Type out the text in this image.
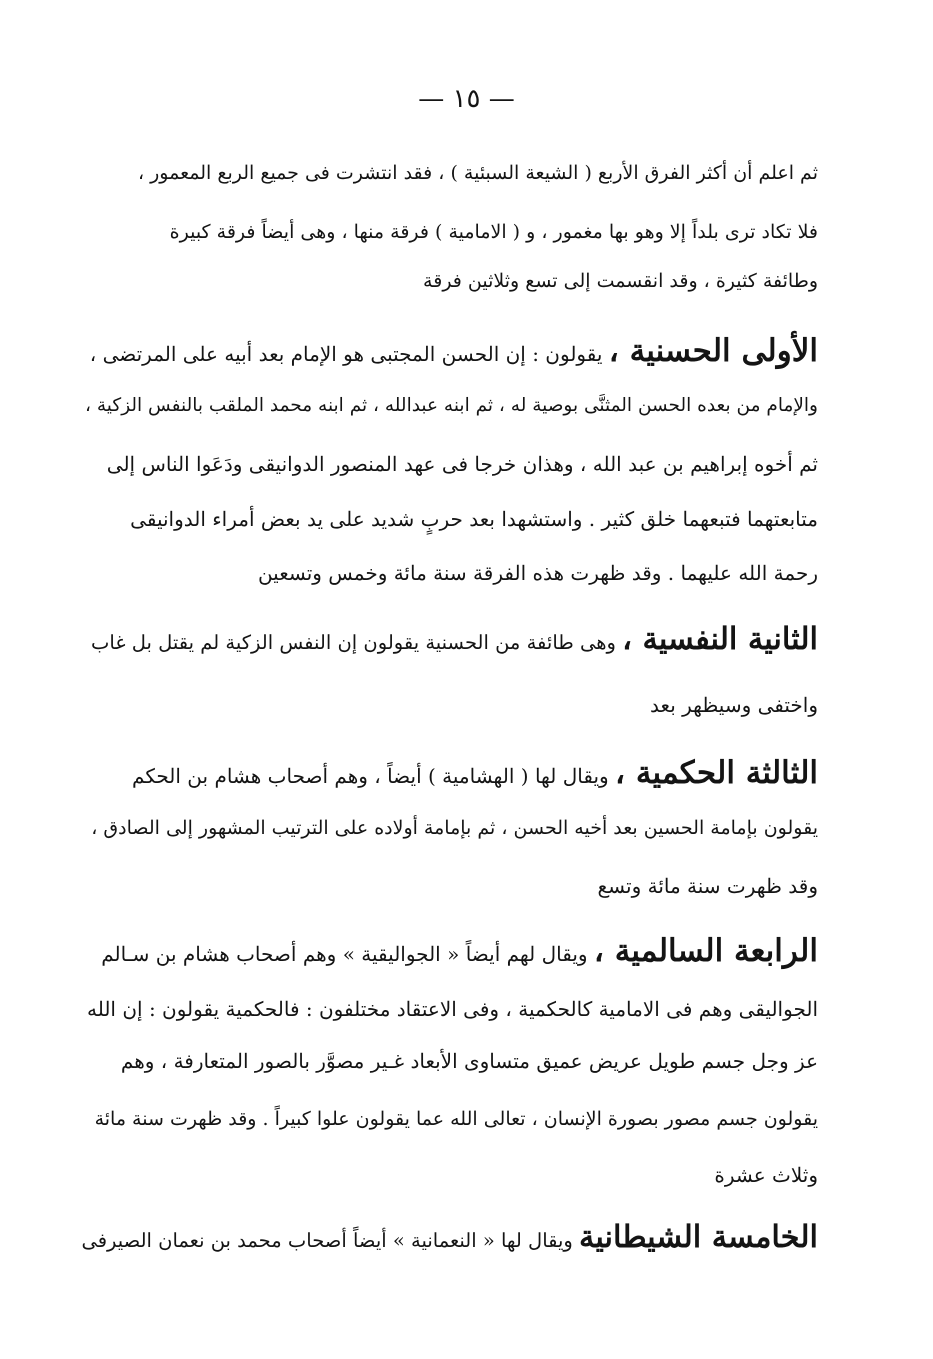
— ١٥ —
ثم اعلم أن أكثر الفرق الأربع ( الشيعة السبئية ) ، فقد انتشرت فى جميع الربع المعمور ،
فلا تكاد ترى بلداً إلا وهو بها مغمور ، و ( الامامية ) فرقة منها ، وهى أيضاً فرقة كبيرة
وطائفة كثيرة ، وقد انقسمت إلى تسع وثلاثين فرقة
الأولى الحسنية ، يقولون : إن الحسن المجتبى هو الإمام بعد أبيه على المرتضى ،
والإمام من بعده الحسن المثنَّى بوصية له ، ثم ابنه عبدالله ، ثم ابنه محمد الملقب بالنفس الزكية ،
ثم أخوه إبراهيم بن عبد الله ، وهذان خرجا فى عهد المنصور الدوانيقى ودَعَوا الناس إلى
متابعتهما فتبعهما خلق كثير . واستشهدا بعد حربٍ شديد على يد بعض أمراء الدوانيقى
رحمة الله عليهما . وقد ظهرت هذه الفرقة سنة مائة وخمس وتسعين
الثانية النفسية ، وهى طائفة من الحسنية يقولون إن النفس الزكية لم يقتل بل غاب
واختفى وسيظهر بعد
الثالثة الحكمية ، ويقال لها ( الهشامية ) أيضاً ، وهم أصحاب هشام بن الحكم
يقولون بإمامة الحسين بعد أخيه الحسن ، ثم بإمامة أولاده على الترتيب المشهور إلى الصادق ،
وقد ظهرت سنة مائة وتسع
الرابعة السالمية ، ويقال لهم أيضاً « الجواليقية » وهم أصحاب هشام بن سـالم
الجواليقى وهم فى الامامية كالحكمية ، وفى الاعتقاد مختلفون : فالحكمية يقولون : إن الله
عز وجل جسم طويل عريض عميق متساوى الأبعاد غـير مصوَّر بالصور المتعارفة ، وهم
يقولون جسم مصور بصورة الإنسان ، تعالى الله عما يقولون علوا كبيراً . وقد ظهرت سنة مائة
وثلاث عشرة
الخامسة الشيطانية ويقال لها « النعمانية » أيضاً أصحاب محمد بن نعمان الصيرفى
